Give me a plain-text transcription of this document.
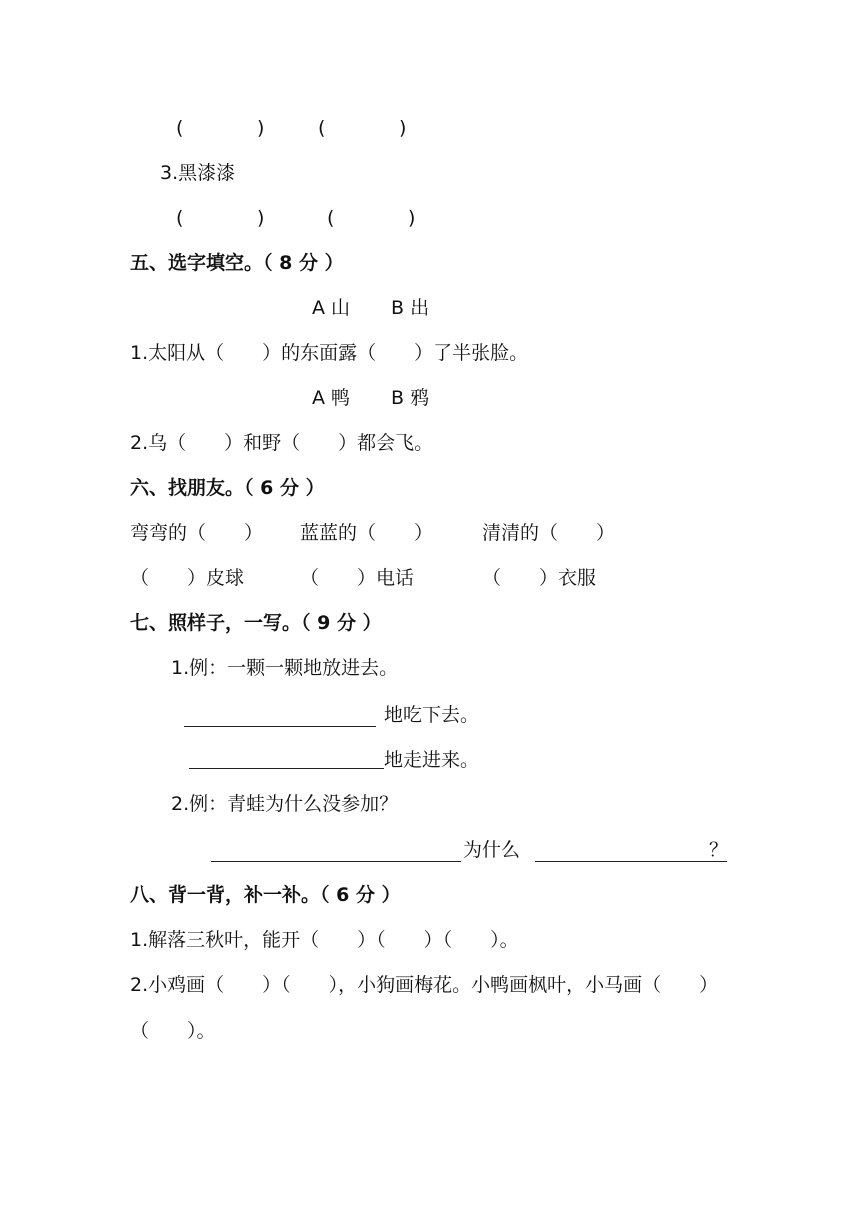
(	)	(	)
3.黑漆漆
(	)	(	)
五、选字填空。（ 8 分 ）
A 山 B 出
1.太阳从（　　）的东面露（　　）了半张脸。
A 鸭 B 鸦
2.乌（　　）和野（　　）都会飞。
六、找朋友。（ 6 分 ）
弯弯的（　　） 蓝蓝的（　　）	清清的（　　）
（　　）皮球	（　　）电话	（　　）衣服
七、照样子，一写。（ 9 分 ）
1.例：一颗一颗地放进去。
地吃下去。
地走进来。
2.例：青蛙为什么没参加？
为什么	？
八、背一背，补一补。（ 6 分 ）
1.解落三秋叶，能开（　　）（　　）（　　）。
2.小鸡画（　　）（　　），小狗画梅花。小鸭画枫叶，小马画（　　）
（　　）。
